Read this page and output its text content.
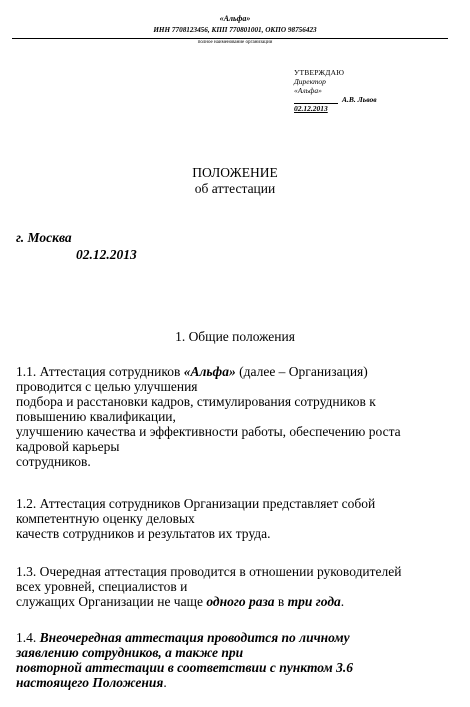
«Альфа»
ИНН 7708123456, КПП 770801001, ОКПО 98756423
полное наименование организации
УТВЕРЖДАЮ
Директор
«Альфа»
А.В. Львов
02.12.2013
ПОЛОЖЕНИЕ
об аттестации
г. Москва
02.12.2013
1. Общие положения
1.1. Аттестация сотрудников «Альфа» (далее – Организация)
проводится с целью улучшения
подбора и расстановки кадров, стимулирования сотрудников к
повышению квалификации,
улучшению качества и эффективности работы, обеспечению роста
кадровой карьеры
сотрудников.
1.2. Аттестация сотрудников Организации представляет собой
компетентную оценку деловых
качеств сотрудников и результатов их труда.
1.3. Очередная аттестация проводится в отношении руководителей
всех уровней, специалистов и
служащих Организации не чаще одного раза в три года.
1.4. Внеочередная аттестация проводится по личному
заявлению сотрудников, а также при
повторной аттестации в соответствии с пунктом 3.6
настоящего Положения.
